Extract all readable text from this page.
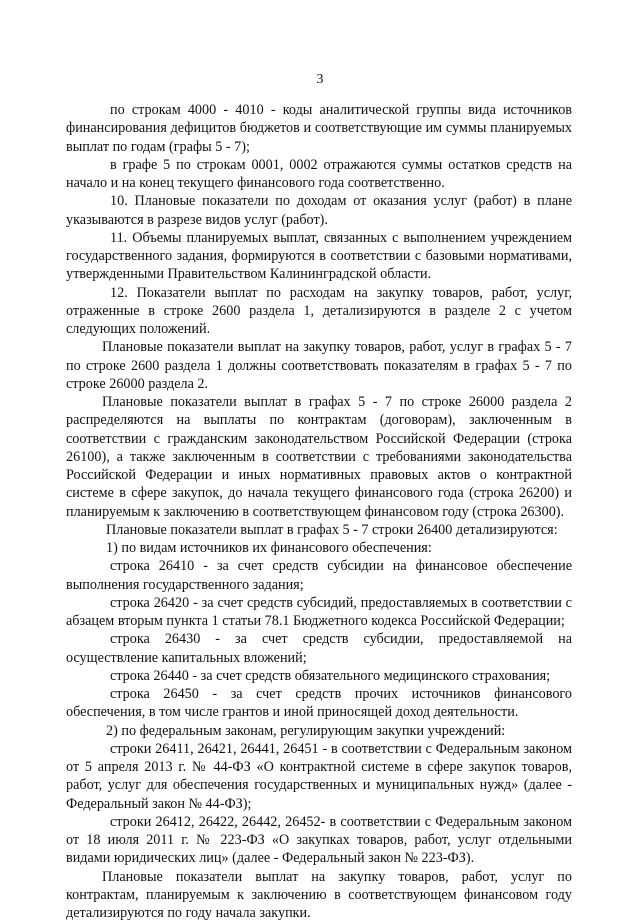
3

по строкам 4000 - 4010 - коды аналитической группы вида источников финансирования дефицитов бюджетов и соответствующие им суммы планируемых выплат по годам (графы 5 - 7);

в графе 5 по строкам 0001, 0002 отражаются суммы остатков средств на начало и на конец текущего финансового года соответственно.

10. Плановые показатели по доходам от оказания услуг (работ) в плане указываются в разрезе видов услуг (работ).

11. Объемы планируемых выплат, связанных с выполнением учреждением государственного задания, формируются в соответствии с базовыми нормативами, утвержденными Правительством Калининградской области.

12. Показатели выплат по расходам на закупку товаров, работ, услуг, отраженные в строке 2600 раздела 1, детализируются в разделе 2 с учетом следующих положений.

Плановые показатели выплат на закупку товаров, работ, услуг в графах 5 - 7 по строке 2600 раздела 1 должны соответствовать показателям в графах 5 - 7 по строке 26000 раздела 2.

Плановые показатели выплат в графах 5 - 7 по строке 26000 раздела 2 распределяются на выплаты по контрактам (договорам), заключенным в соответствии с гражданским законодательством Российской Федерации (строка 26100), а также заключенным в соответствии с требованиями законодательства Российской Федерации и иных нормативных правовых актов о контрактной системе в сфере закупок, до начала текущего финансового года (строка 26200) и планируемым к заключению в соответствующем финансовом году (строка 26300).

Плановые показатели выплат в графах 5 - 7 строки 26400 детализируются:

1) по видам источников их финансового обеспечения:

строка 26410 - за счет средств субсидии на финансовое обеспечение выполнения государственного задания;

строка 26420 - за счет средств субсидий, предоставляемых в соответствии с абзацем вторым пункта 1 статьи 78.1 Бюджетного кодекса Российской Федерации;

строка 26430 - за счет средств субсидии, предоставляемой на осуществление капитальных вложений;

строка 26440 - за счет средств обязательного медицинского страхования;

строка 26450 - за счет средств прочих источников финансового обеспечения, в том числе грантов и иной приносящей доход деятельности.

2) по федеральным законам, регулирующим закупки учреждений:

строки 26411, 26421, 26441, 26451 - в соответствии с Федеральным законом от 5 апреля 2013 г. № 44-ФЗ «О контрактной системе в сфере закупок товаров, работ, услуг для обеспечения государственных и муниципальных нужд» (далее - Федеральный закон № 44-ФЗ);

строки 26412, 26422, 26442, 26452- в соответствии с Федеральным законом от 18 июля 2011 г. № 223-ФЗ «О закупках товаров, работ, услуг отдельными видами юридических лиц» (далее - Федеральный закон № 223-ФЗ).

Плановые показатели выплат на закупку товаров, работ, услуг по контрактам, планируемым к заключению в соответствующем финансовом году детализируются по году начала закупки.
